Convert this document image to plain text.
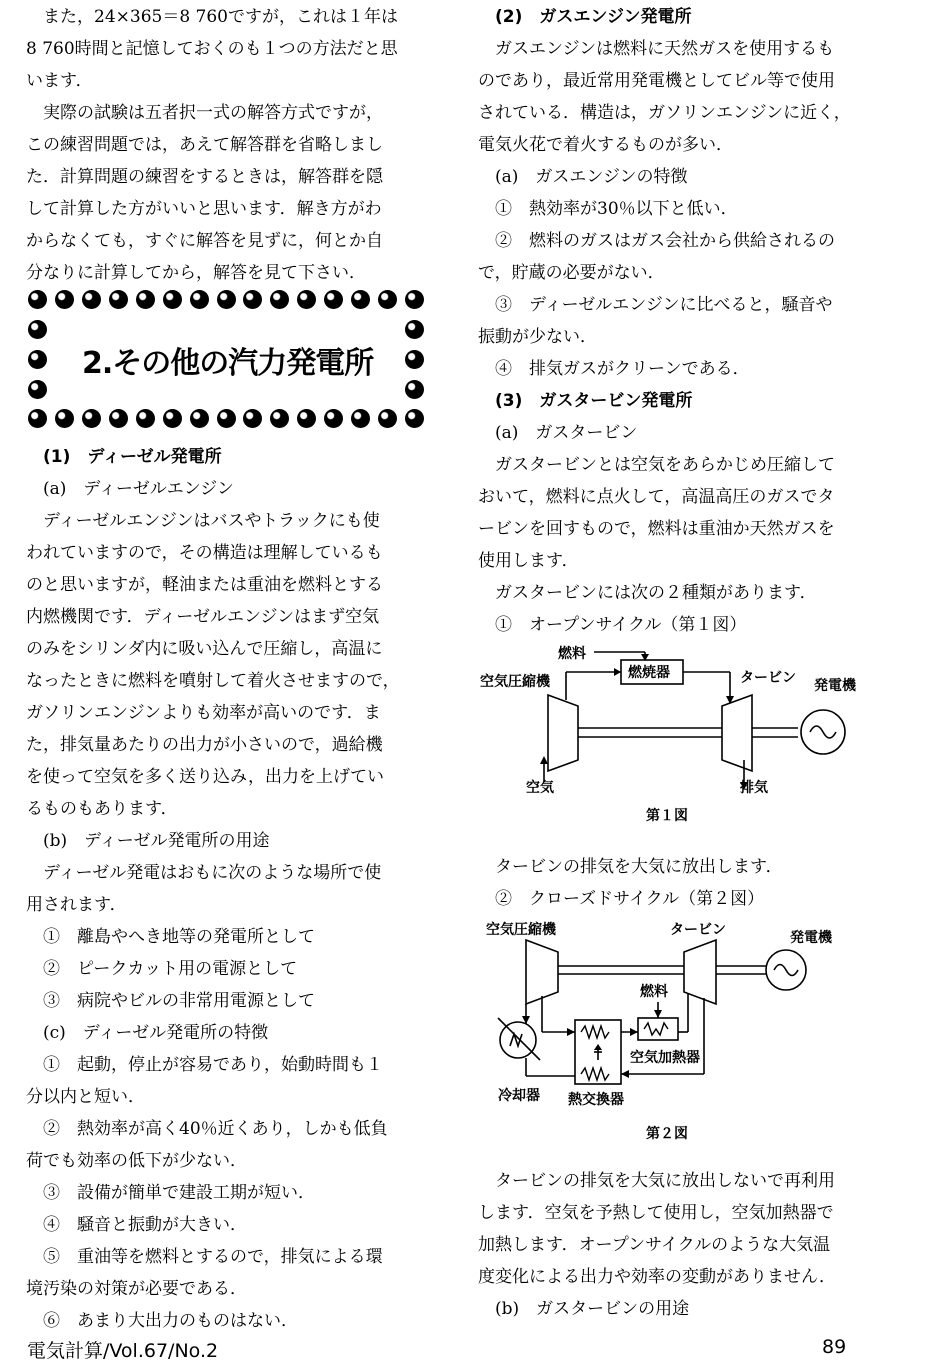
また，24×365＝8 760ですが，これは１年は
8 760時間と記憶しておくのも１つの方法だと思
います．
実際の試験は五者択一式の解答方式ですが，
この練習問題では，あえて解答群を省略しまし
た．計算問題の練習をするときは，解答群を隠
して計算した方がいいと思います．解き方がわ
からなくても，すぐに解答を見ずに，何とか自
分なりに計算してから，解答を見て下さい．
(1)　ディーゼル発電所
(a)　ディーゼルエンジン
ディーゼルエンジンはバスやトラックにも使
われていますので，その構造は理解しているも
のと思いますが，軽油または重油を燃料とする
内燃機関です．ディーゼルエンジンはまず空気
のみをシリンダ内に吸い込んで圧縮し，高温に
なったときに燃料を噴射して着火させますので，
ガソリンエンジンよりも効率が高いのです．ま
た，排気量あたりの出力が小さいので，過給機
を使って空気を多く送り込み，出力を上げてい
るものもあります．
(b)　ディーゼル発電所の用途
ディーゼル発電はおもに次のような場所で使
用されます．
①　離島やへき地等の発電所として
②　ピークカット用の電源として
③　病院やビルの非常用電源として
(c)　ディーゼル発電所の特徴
①　起動，停止が容易であり，始動時間も１
分以内と短い．
②　熱効率が高く40％近くあり，しかも低負
荷でも効率の低下が少ない．
③　設備が簡単で建設工期が短い．
④　騒音と振動が大きい．
⑤　重油等を燃料とするので，排気による環
境汚染の対策が必要である．
⑥　あまり大出力のものはない．
2.その他の汽力発電所
(2)　ガスエンジン発電所
ガスエンジンは燃料に天然ガスを使用するも
のであり，最近常用発電機としてビル等で使用
されている．構造は，ガソリンエンジンに近く，
電気火花で着火するものが多い．
(a)　ガスエンジンの特徴
①　熱効率が30％以下と低い．
②　燃料のガスはガス会社から供給されるの
で，貯蔵の必要がない．
③　ディーゼルエンジンに比べると，騒音や
振動が少ない．
④　排気ガスがクリーンである．
(3)　ガスタービン発電所
(a)　ガスタービン
ガスタービンとは空気をあらかじめ圧縮して
おいて，燃料に点火して，高温高圧のガスでタ
ービンを回すもので，燃料は重油か天然ガスを
使用します．
ガスタービンには次の２種類があります．
①　オープンサイクル（第１図）
燃料
燃焼器
空気圧縮機	タービン 発電機
空気	排気
第１図
タービンの排気を大気に放出します．
②　クローズドサイクル（第２図）
空気圧縮機	タービン	発電機
燃料
空気加熱器
冷却器 熱交換器
第２図
タービンの排気を大気に放出しないで再利用
します．空気を予熱して使用し，空気加熱器で
加熱します．オープンサイクルのような大気温
度変化による出力や効率の変動がありません．
(b)　ガスタービンの用途
電気計算/Vol.67/No.2	89
